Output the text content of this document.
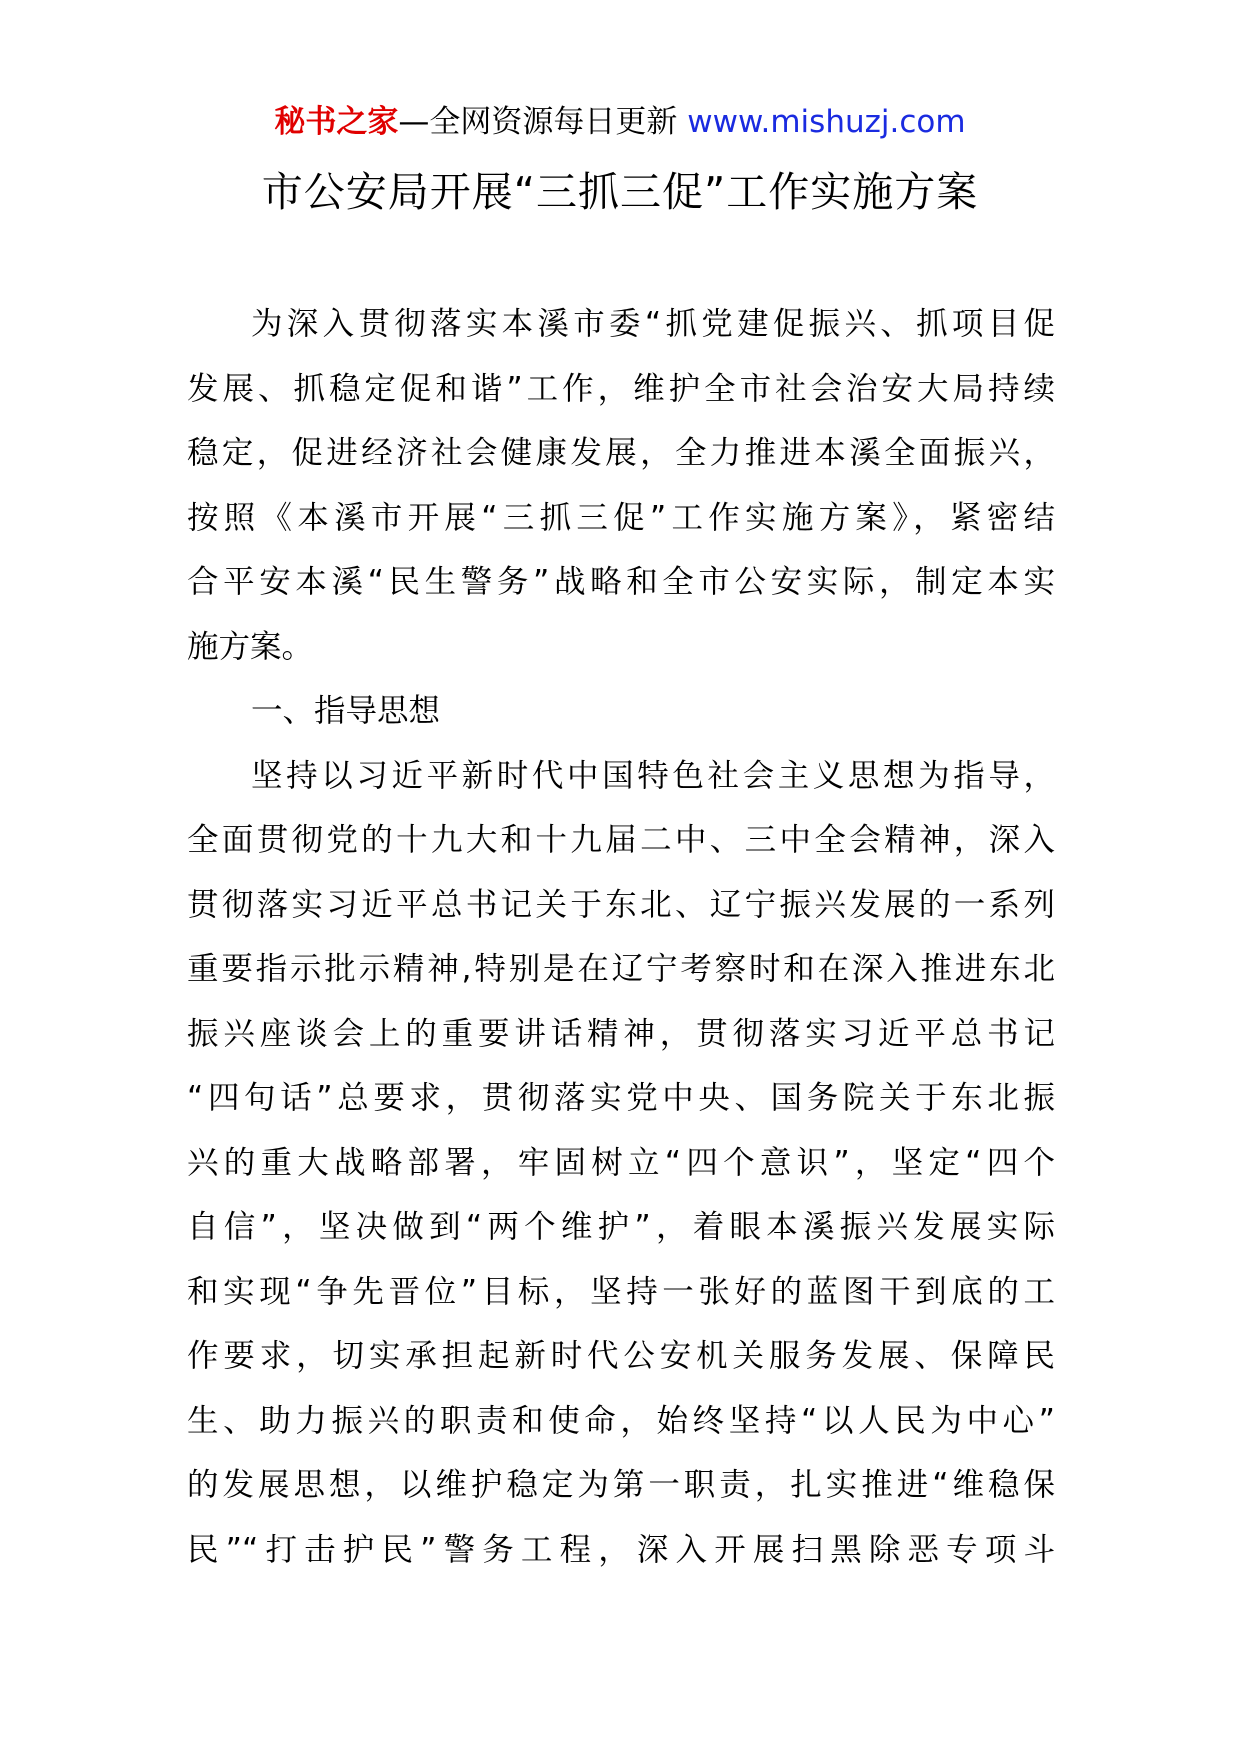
秘书之家—全网资源每日更新 www.mishuzj.com
市公安局开展“三抓三促”工作实施方案
为深入贯彻落实本溪市委“抓党建促振兴、抓项目促
发展、抓稳定促和谐”工作，维护全市社会治安大局持续
稳定，促进经济社会健康发展，全力推进本溪全面振兴，
按照《本溪市开展“三抓三促”工作实施方案》，紧密结
合平安本溪“民生警务”战略和全市公安实际，制定本实
施方案。
一、指导思想
坚持以习近平新时代中国特色社会主义思想为指导，
全面贯彻党的十九大和十九届二中、三中全会精神，深入
贯彻落实习近平总书记关于东北、辽宁振兴发展的一系列
重要指示批示精神,特别是在辽宁考察时和在深入推进东北
振兴座谈会上的重要讲话精神，贯彻落实习近平总书记
“四句话”总要求，贯彻落实党中央、国务院关于东北振
兴的重大战略部署，牢固树立“四个意识”，坚定“四个
自信”，坚决做到“两个维护”，着眼本溪振兴发展实际
和实现“争先晋位”目标，坚持一张好的蓝图干到底的工
作要求，切实承担起新时代公安机关服务发展、保障民
生、助力振兴的职责和使命，始终坚持“以人民为中心”
的发展思想，以维护稳定为第一职责，扎实推进“维稳保
民”“打击护民”警务工程，深入开展扫黑除恶专项斗
